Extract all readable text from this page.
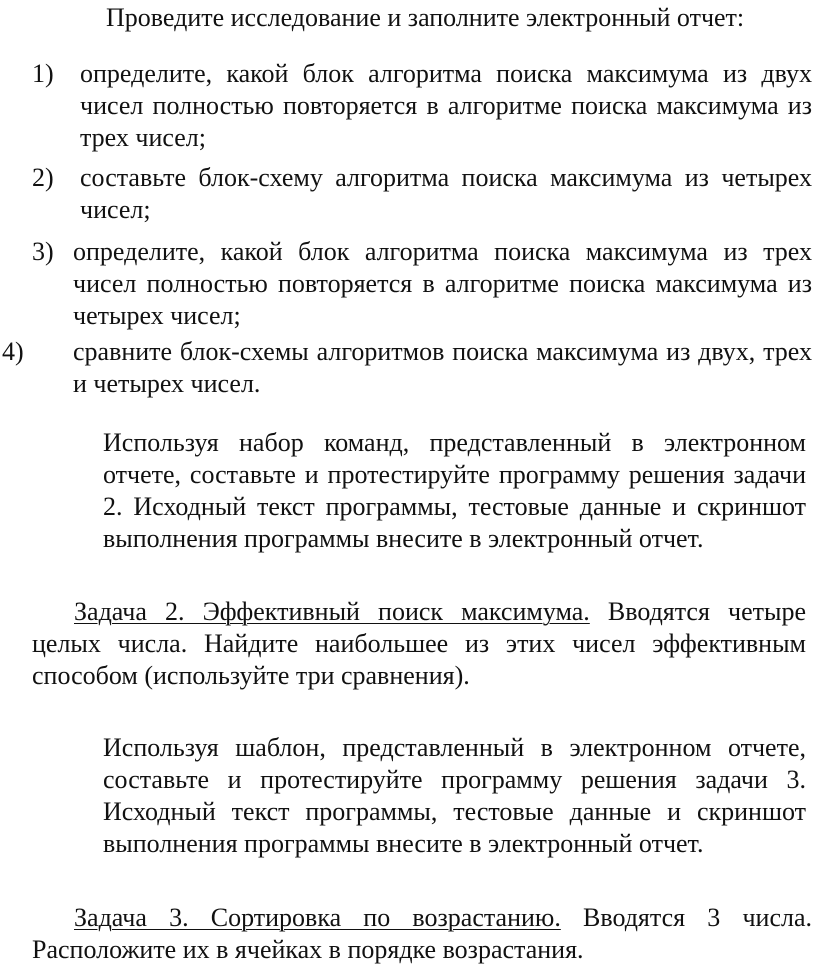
Проведите исследование и заполните электронный отчет:

1) определите, какой блок алгоритма поиска максимума из двух чисел полностью повторяется в алгоритме поиска максимума из трех чисел;
2) составьте блок-схему алгоритма поиска максимума из четырех чисел;
3) определите, какой блок алгоритма поиска максимума из трех чисел полностью повторяется в алгоритме поиска максимума из четырех чисел;
4) сравните блок-схемы алгоритмов поиска максимума из двух, трех и четырех чисел.

Используя набор команд, представленный в электронном отчете, составьте и протестируйте программу решения задачи 2. Исходный текст программы, тестовые данные и скриншот выполнения программы внесите в электронный отчет.

Задача 2. Эффективный поиск максимума. Вводятся четыре целых числа. Найдите наибольшее из этих чисел эффективным способом (используйте три сравнения).

Используя шаблон, представленный в электронном отчете, составьте и протестируйте программу решения задачи 3. Исходный текст программы, тестовые данные и скриншот выполнения программы внесите в электронный отчет.

Задача 3. Сортировка по возрастанию. Вводятся 3 числа. Расположите их в ячейках в порядке возрастания.
